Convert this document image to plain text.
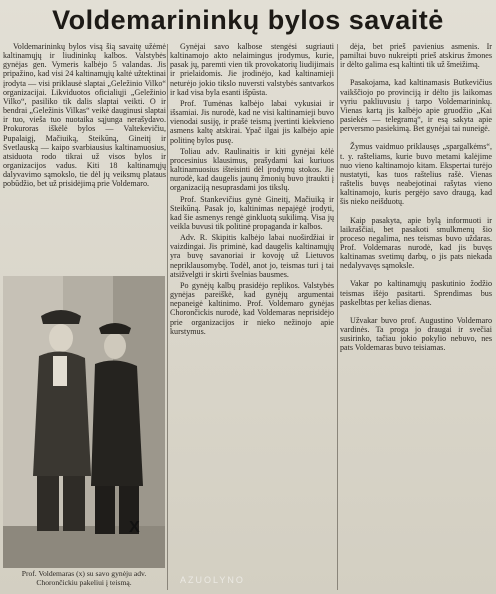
Voldemarininkų bylos savaitė

Voldemarininkų bylos visą šią savaitę užėmė kaltinamųjų ir liudininkų kalbos. Valstybės gynėjas gen. Vymeris kalbėjo 5 valandas. Jis pripažino, kad visi 24 kaltinamųjų kaltė užtektinai įrodyta — visi priklausė slaptai „Geležinio Vilko“ organizacijai. Likviduotos oficialiųji „Geležinio Vilko“, pasiliko tik dalis slaptai veikti. O ir bendrai „Geležinis Vilkas“ veikė dauginusi slaptai ir tuo, vieša tuo nuotaika sąjunga nerašydavo. Prokuroras iškėlė bylos — Valtekevičiu, Pupalaigį, Mačiuiką, Steikūną, Gineitį ir Svetlauską — kaipo svarbiausius kaltinamuosius, atsiduota rodo tikrai už visos bylos ir organizacijos vadus. Kiti 18 kaltinamųjų dalyvavimo sąmokslo, tie dėl jų veiksmų plataus pobūdžio, bet už prisidėjimą prie Voldemaro.

Gynėjai savo kalbose stengėsi sugriauti kaltinamojo akto nelaimingus įrodymus, kurie, pasak jų, paremti vien tik provokatorių liudijimais ir prielaidomis. Jie įrodinėjo, kad kaltinamieji neturėjo jokio tikslo nuversti valstybės santvarkos ir kad visa byla esanti išpūsta.

Prof. Tumėnas kalbėjo labai vykusiai ir išsamiai. Jis nurodė, kad ne visi kaltinamieji buvo vienodai susiję, ir prašė teismą įvertinti kiekvieno asmens kaltę atskirai. Ypač ilgai jis kalbėjo apie politinę bylos pusę.

Toliau adv. Raulinaitis ir kiti gynėjai kėlė procesinius klausimus, prašydami kai kuriuos kaltinamuosius išteisinti dėl įrodymų stokos. Jie nurodė, kad daugelis jaunų žmonių buvo įtraukti į organizaciją nesuprasdami jos tikslų.

Prof. Stankevičius gynė Gineitį, Mačiuiką ir Steikūną. Pasak jo, kaltinimas nepajėgė įrodyti, kad šie asmenys rengė ginkluotą sukilimą. Visa jų veikla buvusi tik politinė propaganda ir kalbos.

Adv. R. Skipitis kalbėjo labai nuoširdžiai ir vaizdingai. Jis priminė, kad daugelis kaltinamųjų yra buvę savanoriai ir kovoję už Lietuvos nepriklausomybę. Todėl, anot jo, teismas turi į tai atsižvelgti ir skirti švelnias bausmes.

Po gynėjų kalbų prasidėjo replikos. Valstybės gynėjas pareiškė, kad gynėjų argumentai nepaneigė kaltinimo. Prof. Voldemaro gynėjas Chorončickis nurodė, kad Voldemaras neprisidėjo prie organizacijos ir nieko nežinojo apie kurstymus.

dėja, bet prieš pavienius asmenis. Ir pamiltai buvo nukreipti prieš atskirus žmones ir dėlto galima esą kaltinti tik už šmeižimą.

Pasakojama, kad kaltinamasis Butkevičius vaikščiojo po provinciją ir dėlto jis laikomas vyriu pakliuvusiu į tarpo Voldemarininkų. Vienas kartą jis kalbėjo apie gruodžio „Kai pasiekės — telegramą“, ir esą sakyta apie perversmo pasiekimą. Bet gynėjai tai nuneigė.

Žymus vaidmuo priklausęs „spargalkėms“, t. y. rašteliams, kurie buvo metami kalėjime nuo vieno kaltinamojo kitam. Ekspertai turėjo nustatyti, kas tuos raštelius rašė. Vienas raštelis buvęs neabejotinai rašytas vieno kaltinamojo, kuris pergėjo savo draugą, kad šis nieko neišduotų.

Kaip pasakyta, apie bylą informuoti ir laikraščiai, bet pasakoti smulkmenų šio proceso negalima, nes teismas buvo uždaras. Prof. Voldemaras nurodė, kad jis buvęs kaltinamas svetimų darbų, o jis pats niekada nedalyvavęs sąmoksle.

Vakar po kaltinamųjų paskutinio žodžio teismas išėjo pasitarti. Sprendimas bus paskelbtas per kelias dienas.

Užvakar buvo prof. Augustino Voldemaro vardinės. Ta proga jo draugai ir svečiai susirinko, tačiau jokio pokylio nebuvo, nes pats Voldemaras buvo teisiamas.

X
Prof. Voldemaras (x) su savo gynėju adv. Chorončickiu pakeliui į teismą.	AZUOLYNO
